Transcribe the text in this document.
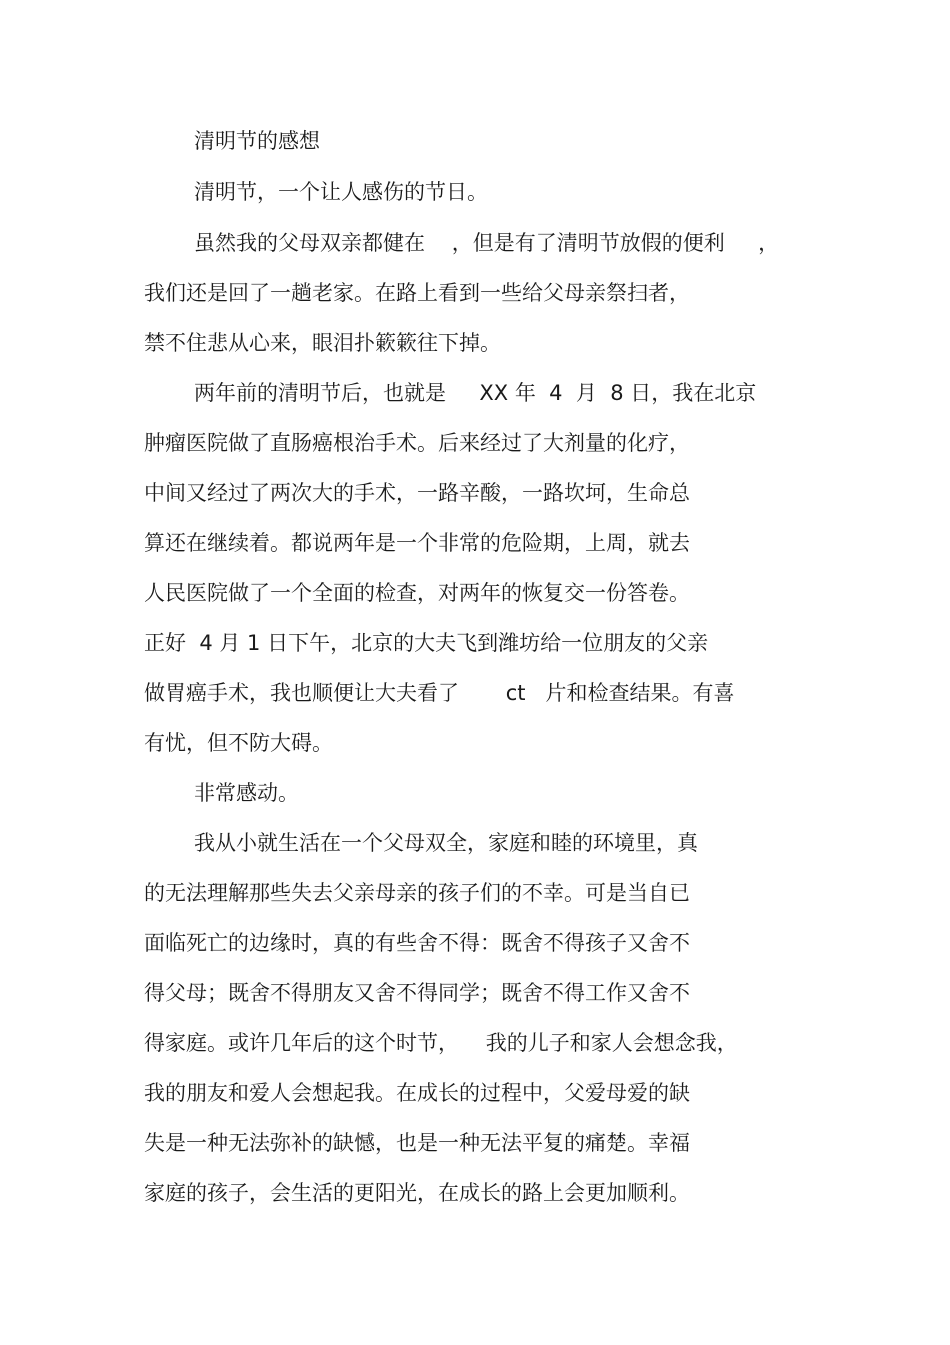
清明节的感想
清明节，一个让人感伤的节日。
虽然我的父母双亲都健在    ，但是有了清明节放假的便利     ，
我们还是回了一趟老家。在路上看到一些给父母亲祭扫者，
禁不住悲从心来，眼泪扑簌簌往下掉。
两年前的清明节后，也就是     XX 年  4  月  8 日，我在北京
肿瘤医院做了直肠癌根治手术。后来经过了大剂量的化疗，
中间又经过了两次大的手术，一路辛酸，一路坎坷，生命总
算还在继续着。都说两年是一个非常的危险期，上周，就去
人民医院做了一个全面的检查，对两年的恢复交一份答卷。
正好  4 月 1 日下午，北京的大夫飞到潍坊给一位朋友的父亲
做胃癌手术，我也顺便让大夫看了       ct   片和检查结果。有喜
有忧，但不防大碍。
非常感动。
我从小就生活在一个父母双全，家庭和睦的环境里，真
的无法理解那些失去父亲母亲的孩子们的不幸。可是当自已
面临死亡的边缘时，真的有些舍不得：既舍不得孩子又舍不
得父母；既舍不得朋友又舍不得同学；既舍不得工作又舍不
得家庭。或许几年后的这个时节，    我的儿子和家人会想念我，
我的朋友和爱人会想起我。在成长的过程中，父爱母爱的缺
失是一种无法弥补的缺憾，也是一种无法平复的痛楚。幸福
家庭的孩子，会生活的更阳光，在成长的路上会更加顺利。
